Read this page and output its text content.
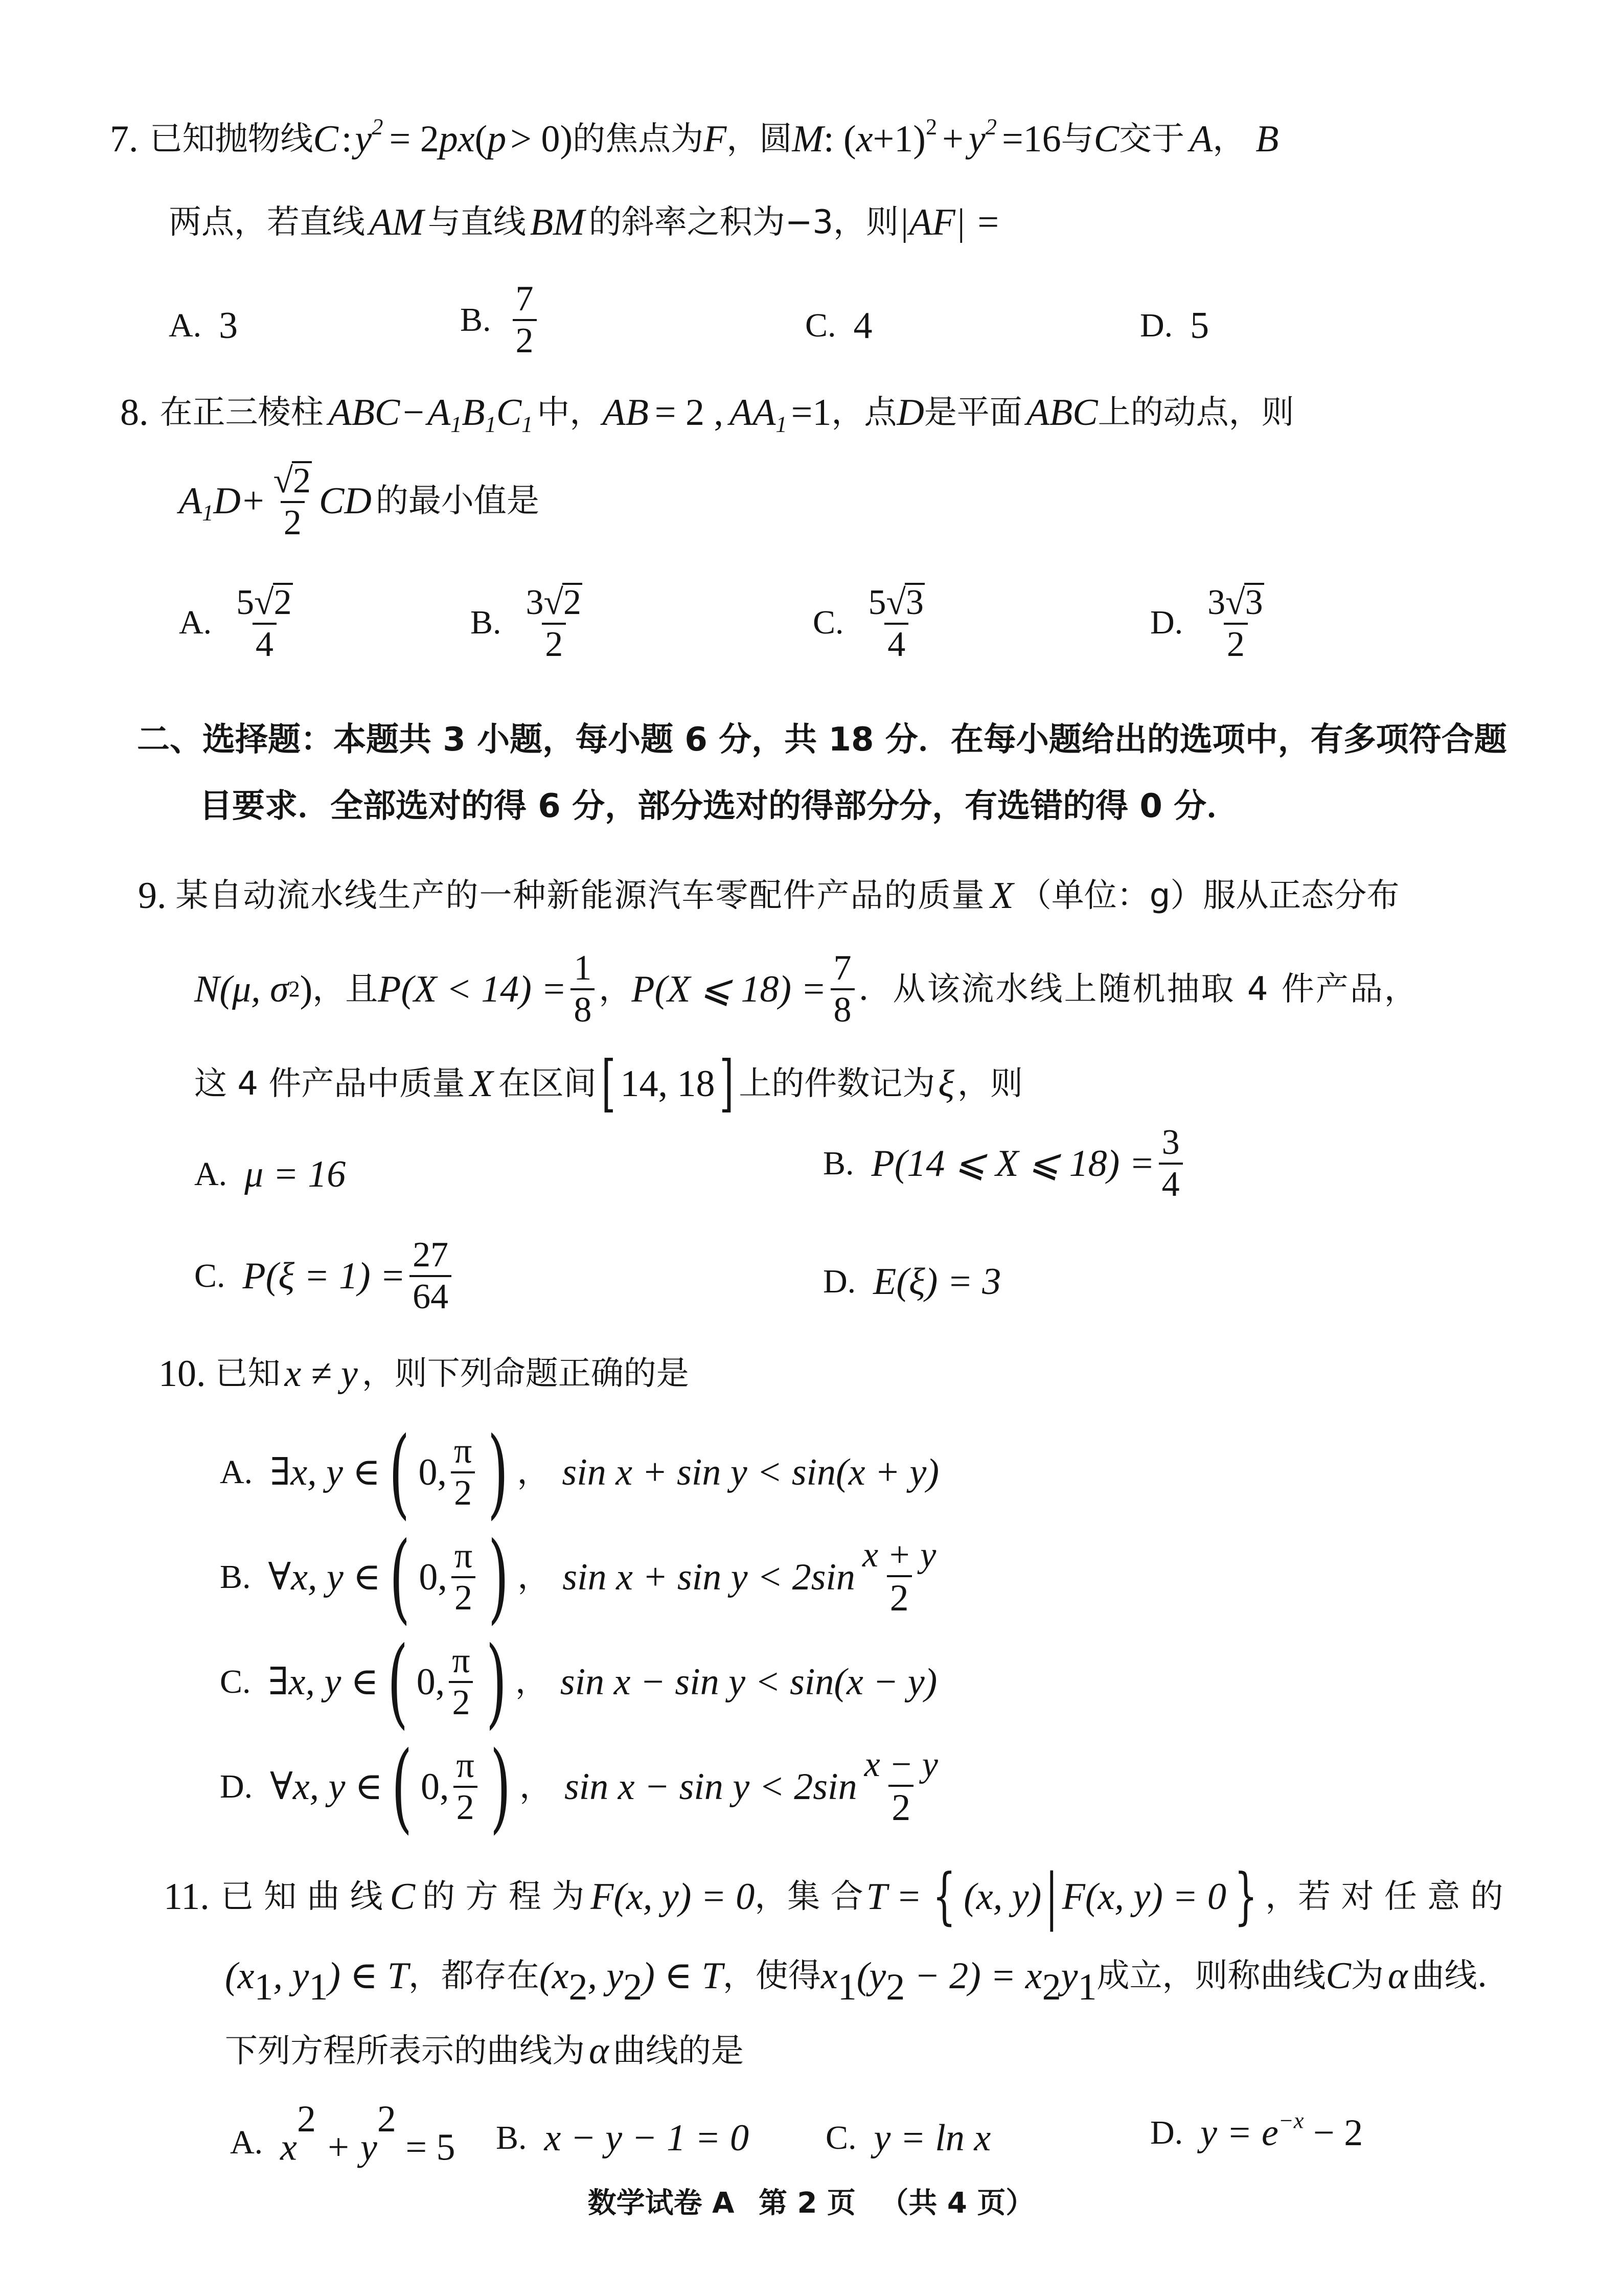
7. 已知抛物线 C : $y^2 = 2$ px ( p > 0) 的焦点为 F ，圆 M : ( $x +1)^2 + y^2 =16$ 与 C 交于 A ， B
两点，若直线 AM 与直线 BM 的斜率之积为−3，则 |AF| =
A. 3	B. $\frac{7}{2}$	C. 4	D. 5
8. 在正三棱柱 ABC − $A_1B_1C_1$ 中， AB = 2 , $AA_1 =1$ ，点 D 是平面 ABC 上的动点，则
$A_1D + \frac{√ 2}{2}$ CD 的最小值是
A. $\frac{5 √ 2}{4}$	B. $\frac{3 √ 2}{2}$	C. $\frac{5 √ 3}{4}$	D. $\frac{3 √ 3}{2}$
二、选择题：本题共 3 小题，每小题 6 分，共 18 分．在每小题给出的选项中，有多项符合题
目要求．全部选对的得 6 分，部分选对的得部分分，有选错的得 0 分．
9. 某自动流水线生产的一种新能源汽车零配件产品的质量 X （单位：g）服从正态分布
N(μ, σ 2 ) ，且 $P(X < 14) = \frac{1}{8}$ ， P(X ⩽ $18) = \frac{7}{8}$ ．从该流水线上随机抽取 4 件产品，
这 4 件产品中质量 X 在区间 [ 14, 18 ] 上的件数记为 ξ ，则
A. μ = 16	B. P(14 ⩽ X ⩽ $18) = \frac{3}{4}$
C. $P(\xi = 1) = \frac{27}{64}$	D. E(ξ) = 3
10. 已知 x ≠ y ，则下列命题正确的是
A. ∃x, y ∈ ( 0, $\frac{\pi}{2}$ ) ， sin x + sin y < sin(x + y)
B. ∀x, y ∈ ( 0, $\frac{\pi}{2}$ ) ， $\sin x + \sin y < 2\sin \frac{x + y}{2}$
C. ∃x, y ∈ ( 0, $\frac{\pi}{2}$ ) ， sin x − sin y < sin(x − y)
D. ∀x, y ∈ ( 0, $\frac{\pi}{2}$ ) ， $\sin x - \sin y < 2\sin \frac{x - y}{2}$
11. 已 知 曲 线 C 的 方 程 为 F(x, y) = 0 ，集 合 T = { (x, y) | F(x, y) = 0 } ，若 对 任 意 的
($x_1$, $y_1$) ∈ T ，都存在 ($x_2$, $y_2$) ∈ T ，使得 $x_1(y_2 - 2) = x_2y_1$ 成立，则称曲线 C 为 α 曲线．
下列方程所表示的曲线为 α 曲线的是
A. $x^2 + y^2 = 5$ B. x − y − 1 = 0 C. y = ln x	D. $y = e^{-x} - 2$
数学试卷 A 第 2 页 （共 4 页）
